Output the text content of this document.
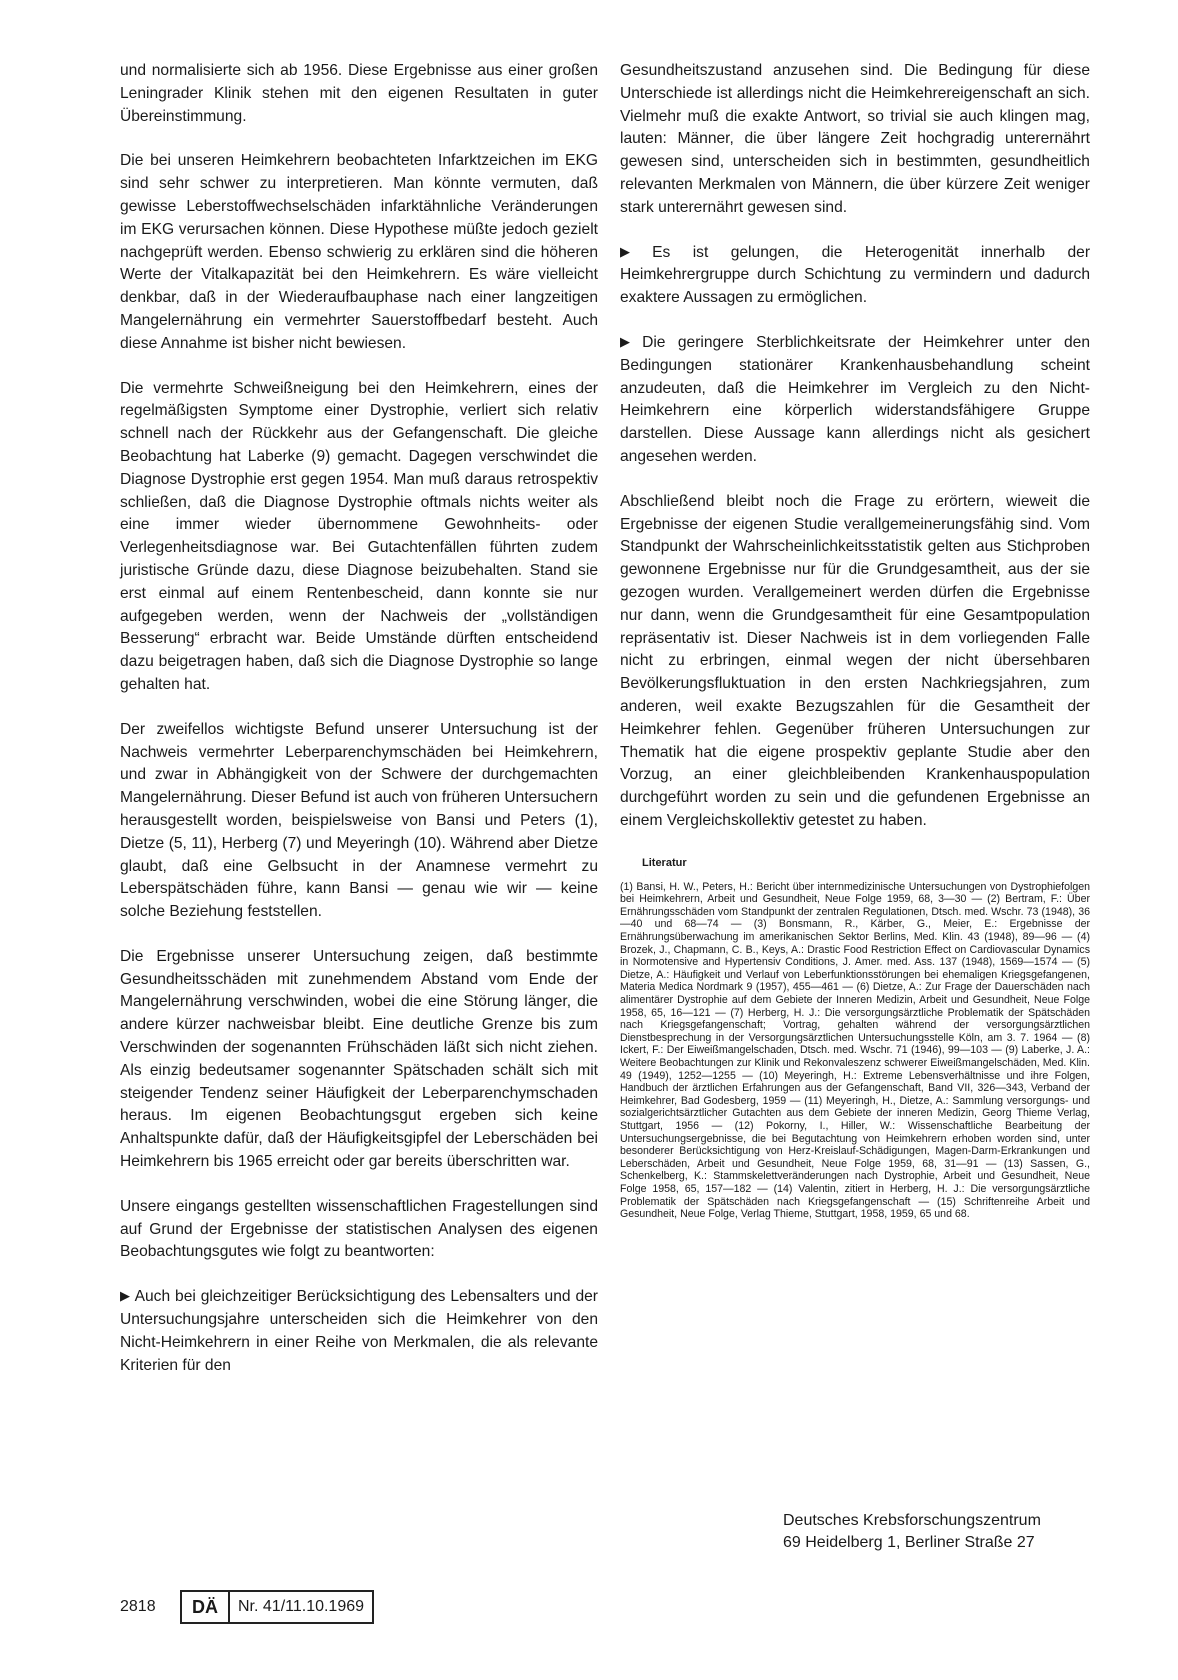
und normalisierte sich ab 1956. Diese Ergebnisse aus einer großen Leningrader Klinik stehen mit den eigenen Resultaten in guter Übereinstimmung.

Die bei unseren Heimkehrern beobachteten Infarktzeichen im EKG sind sehr schwer zu interpretieren. Man könnte vermuten, daß gewisse Leberstoffwechselschäden infarktähnliche Veränderungen im EKG verursachen können. Diese Hypothese müßte jedoch gezielt nachgeprüft werden. Ebenso schwierig zu erklären sind die höheren Werte der Vitalkapazität bei den Heimkehrern. Es wäre vielleicht denkbar, daß in der Wiederaufbauphase nach einer langzeitigen Mangelernährung ein vermehrter Sauerstoffbedarf besteht. Auch diese Annahme ist bisher nicht bewiesen.

Die vermehrte Schweißneigung bei den Heimkehrern, eines der regelmäßigsten Symptome einer Dystrophie, verliert sich relativ schnell nach der Rückkehr aus der Gefangenschaft. Die gleiche Beobachtung hat Laberke (9) gemacht. Dagegen verschwindet die Diagnose Dystrophie erst gegen 1954. Man muß daraus retrospektiv schließen, daß die Diagnose Dystrophie oftmals nichts weiter als eine immer wieder übernommene Gewohnheits- oder Verlegenheitsdiagnose war. Bei Gutachtenfällen führten zudem juristische Gründe dazu, diese Diagnose beizubehalten. Stand sie erst einmal auf einem Rentenbescheid, dann konnte sie nur aufgegeben werden, wenn der Nachweis der „vollständigen Besserung“ erbracht war. Beide Umstände dürften entscheidend dazu beigetragen haben, daß sich die Diagnose Dystrophie so lange gehalten hat.

Der zweifellos wichtigste Befund unserer Untersuchung ist der Nachweis vermehrter Leberparenchymschäden bei Heimkehrern, und zwar in Abhängigkeit von der Schwere der durchgemachten Mangelernährung. Dieser Befund ist auch von früheren Untersuchern herausgestellt worden, beispielsweise von Bansi und Peters (1), Dietze (5, 11), Herberg (7) und Meyeringh (10). Während aber Dietze glaubt, daß eine Gelbsucht in der Anamnese vermehrt zu Leberspätschäden führe, kann Bansi — genau wie wir — keine solche Beziehung feststellen.

Die Ergebnisse unserer Untersuchung zeigen, daß bestimmte Gesundheitsschäden mit zunehmendem Abstand vom Ende der Mangelernährung verschwinden, wobei die eine Störung länger, die andere kürzer nachweisbar bleibt. Eine deutliche Grenze bis zum Verschwinden der sogenannten Frühschäden läßt sich nicht ziehen. Als einzig bedeutsamer sogenannter Spätschaden schält sich mit steigender Tendenz seiner Häufigkeit der Leberparenchymschaden heraus. Im eigenen Beobachtungsgut ergeben sich keine Anhaltspunkte dafür, daß der Häufigkeitsgipfel der Leberschäden bei Heimkehrern bis 1965 erreicht oder gar bereits überschritten war.

Unsere eingangs gestellten wissenschaftlichen Fragestellungen sind auf Grund der Ergebnisse der statistischen Analysen des eigenen Beobachtungsgutes wie folgt zu beantworten:

▶ Auch bei gleichzeitiger Berücksichtigung des Lebensalters und der Untersuchungsjahre unterscheiden sich die Heimkehrer von den Nicht-Heimkehrern in einer Reihe von Merkmalen, die als relevante Kriterien für den

Gesundheitszustand anzusehen sind. Die Bedingung für diese Unterschiede ist allerdings nicht die Heimkehrereigenschaft an sich. Vielmehr muß die exakte Antwort, so trivial sie auch klingen mag, lauten: Männer, die über längere Zeit hochgradig unterernährt gewesen sind, unterscheiden sich in bestimmten, gesundheitlich relevanten Merkmalen von Männern, die über kürzere Zeit weniger stark unterernährt gewesen sind.

▶ Es ist gelungen, die Heterogenität innerhalb der Heimkehrergruppe durch Schichtung zu vermindern und dadurch exaktere Aussagen zu ermöglichen.

▶ Die geringere Sterblichkeitsrate der Heimkehrer unter den Bedingungen stationärer Krankenhausbehandlung scheint anzudeuten, daß die Heimkehrer im Vergleich zu den Nicht-Heimkehrern eine körperlich widerstandsfähigere Gruppe darstellen. Diese Aussage kann allerdings nicht als gesichert angesehen werden.

Abschließend bleibt noch die Frage zu erörtern, wieweit die Ergebnisse der eigenen Studie verallgemeinerungsfähig sind. Vom Standpunkt der Wahrscheinlichkeitsstatistik gelten aus Stichproben gewonnene Ergebnisse nur für die Grundgesamtheit, aus der sie gezogen wurden. Verallgemeinert werden dürfen die Ergebnisse nur dann, wenn die Grundgesamtheit für eine Gesamtpopulation repräsentativ ist. Dieser Nachweis ist in dem vorliegenden Falle nicht zu erbringen, einmal wegen der nicht übersehbaren Bevölkerungsfluktuation in den ersten Nachkriegsjahren, zum anderen, weil exakte Bezugszahlen für die Gesamtheit der Heimkehrer fehlen. Gegenüber früheren Untersuchungen zur Thematik hat die eigene prospektiv geplante Studie aber den Vorzug, an einer gleichbleibenden Krankenhauspopulation durchgeführt worden zu sein und die gefundenen Ergebnisse an einem Vergleichskollektiv getestet zu haben.

Literatur

(1) Bansi, H. W., Peters, H.: Bericht über internmedizinische Untersuchungen von Dystrophiefolgen bei Heimkehrern, Arbeit und Gesundheit, Neue Folge 1959, 68, 3—30 — (2) Bertram, F.: Über Ernährungsschäden vom Standpunkt der zentralen Regulationen, Dtsch. med. Wschr. 73 (1948), 36—40 und 68—74 — (3) Bonsmann, R., Kärber, G., Meier, E.: Ergebnisse der Ernährungsüberwachung im amerikanischen Sektor Berlins, Med. Klin. 43 (1948), 89—96 — (4) Brozek, J., Chapmann, C. B., Keys, A.: Drastic Food Restriction Effect on Cardiovascular Dynamics in Normotensive and Hypertensiv Conditions, J. Amer. med. Ass. 137 (1948), 1569—1574 — (5) Dietze, A.: Häufigkeit und Verlauf von Leberfunktionsstörungen bei ehemaligen Kriegsgefangenen, Materia Medica Nordmark 9 (1957), 455—461 — (6) Dietze, A.: Zur Frage der Dauerschäden nach alimentärer Dystrophie auf dem Gebiete der Inneren Medizin, Arbeit und Gesundheit, Neue Folge 1958, 65, 16—121 — (7) Herberg, H. J.: Die versorgungsärztliche Problematik der Spätschäden nach Kriegsgefangenschaft; Vortrag, gehalten während der versorgungsärztlichen Dienstbesprechung in der Versorgungsärztlichen Untersuchungsstelle Köln, am 3. 7. 1964 — (8) Ickert, F.: Der Eiweißmangelschaden, Dtsch. med. Wschr. 71 (1946), 99—103 — (9) Laberke, J. A.: Weitere Beobachtungen zur Klinik und Rekonvaleszenz schwerer Eiweißmangelschäden, Med. Klin. 49 (1949), 1252—1255 — (10) Meyeringh, H.: Extreme Lebensverhältnisse und ihre Folgen, Handbuch der ärztlichen Erfahrungen aus der Gefangenschaft, Band VII, 326—343, Verband der Heimkehrer, Bad Godesberg, 1959 — (11) Meyeringh, H., Dietze, A.: Sammlung versorgungs- und sozialgerichtsärztlicher Gutachten aus dem Gebiete der inneren Medizin, Georg Thieme Verlag, Stuttgart, 1956 — (12) Pokorny, I., Hiller, W.: Wissenschaftliche Bearbeitung der Untersuchungsergebnisse, die bei Begutachtung von Heimkehrern erhoben worden sind, unter besonderer Berücksichtigung von Herz-Kreislauf-Schädigungen, Magen-Darm-Erkrankungen und Leberschäden, Arbeit und Gesundheit, Neue Folge 1959, 68, 31—91 — (13) Sassen, G., Schenkelberg, K.: Stammskelettveränderungen nach Dystrophie, Arbeit und Gesundheit, Neue Folge 1958, 65, 157—182 — (14) Valentin, zitiert in Herberg, H. J.: Die versorgungsärztliche Problematik der Spätschäden nach Kriegsgefangenschaft — (15) Schriftenreihe Arbeit und Gesundheit, Neue Folge, Verlag Thieme, Stuttgart, 1958, 1959, 65 und 68.

Deutsches Krebsforschungszentrum
69 Heidelberg 1, Berliner Straße 27
2818	DÄ	Nr. 41/11.10.1969
